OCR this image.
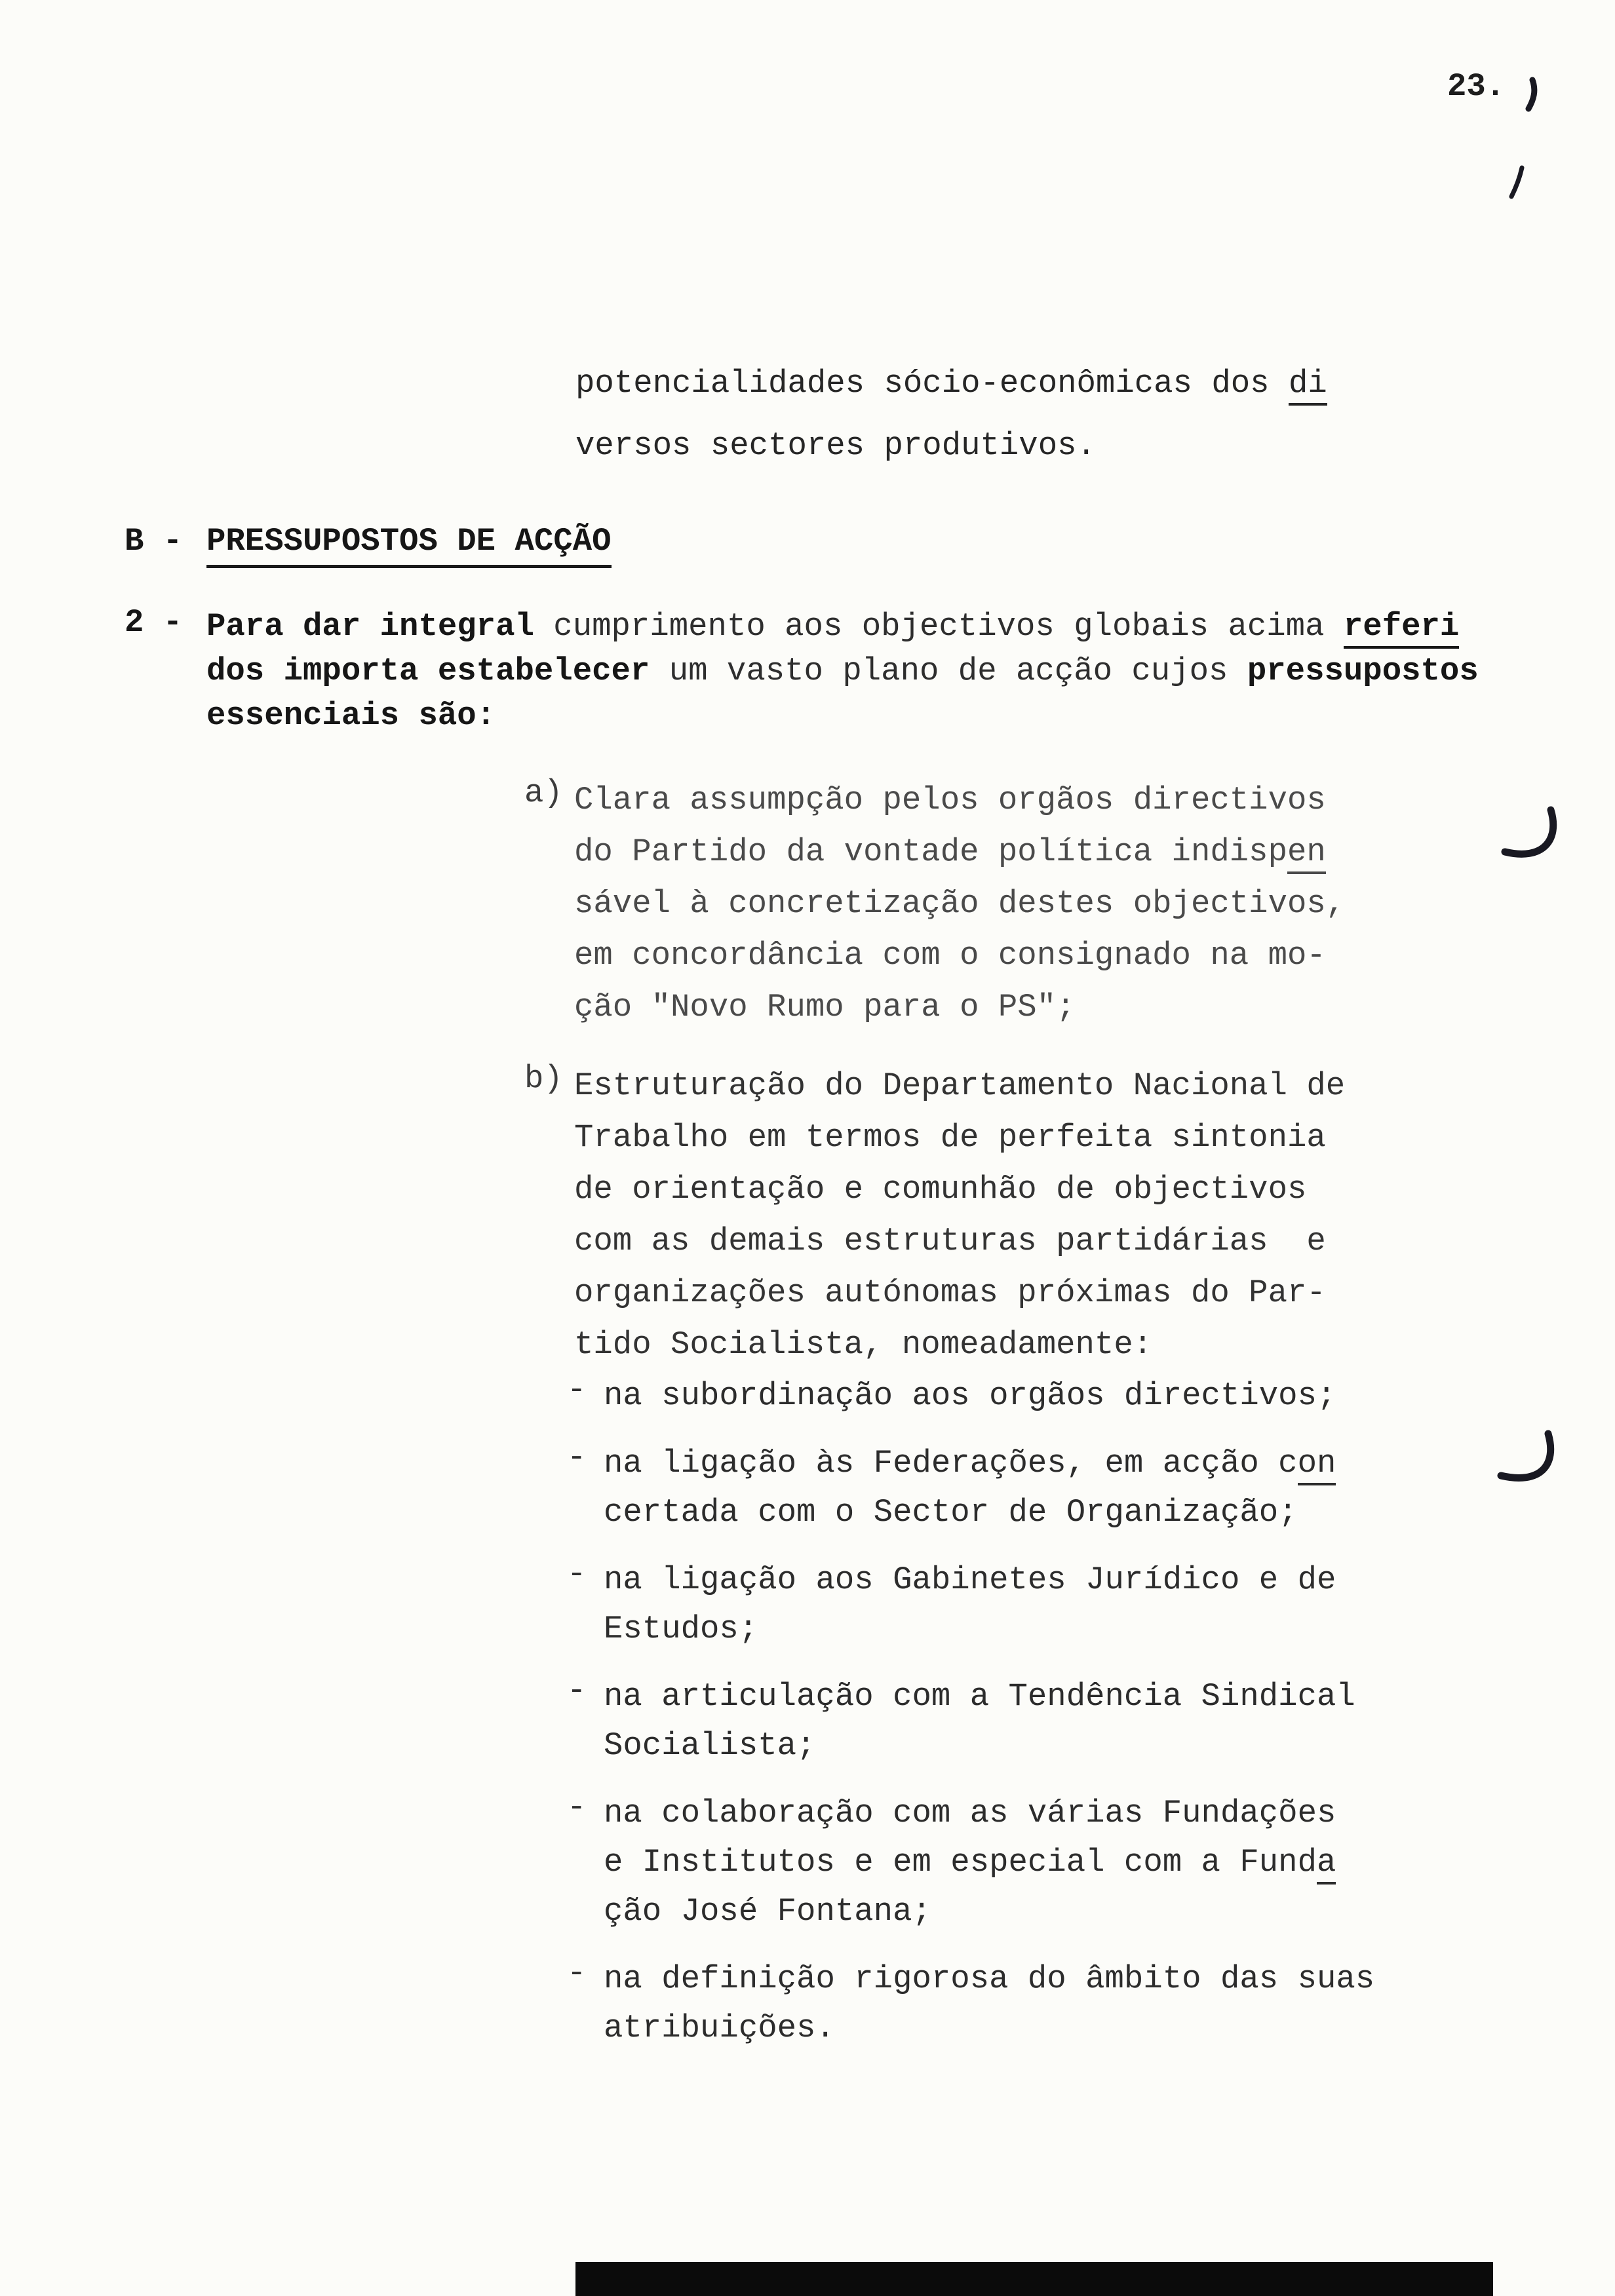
23.
potencialidades sócio-econômicas dos di
versos sectores produtivos.
B - PRESSUPOSTOS DE ACÇÃO
2 - Para dar integral cumprimento aos objectivos globais acima referi
dos importa estabelecer um vasto plano de acção cujos pressupostos
essenciais são:
a) Clara assumpção pelos orgãos directivos
do Partido da vontade política indispen
sável à concretização destes objectivos,
em concordância com o consignado na mo-
ção "Novo Rumo para o PS";
b) Estruturação do Departamento Nacional de
Trabalho em termos de perfeita sintonia
de orientação e comunhão de objectivos
com as demais estruturas partidárias  e
organizações autónomas próximas do Par-
tido Socialista, nomeadamente:
- na subordinação aos orgãos directivos;
- na ligação às Federações, em acção con
certada com o Sector de Organização;
- na ligação aos Gabinetes Jurídico e de
Estudos;
- na articulação com a Tendência Sindical
Socialista;
- na colaboração com as várias Fundações
e Institutos e em especial com a Funda
ção José Fontana;
- na definição rigorosa do âmbito das suas
atribuições.
